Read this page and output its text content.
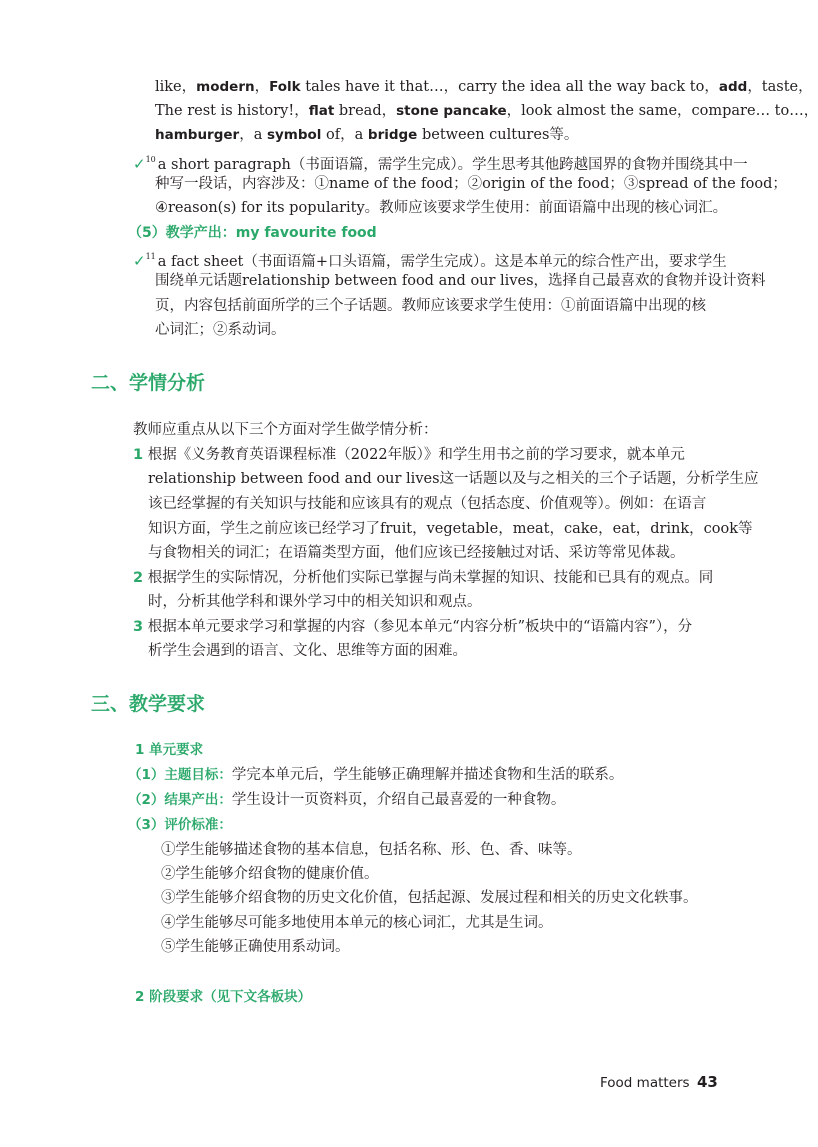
like，modern，Folk tales have it that…，carry the idea all the way back to，add，taste，
The rest is history!，flat bread，stone pancake，look almost the same，compare… to…，
hamburger，a symbol of，a bridge between cultures等。
✓$^{10}$ a short paragraph（书面语篇，需学生完成）。学生思考其他跨越国界的食物并围绕其中一
种写一段话，内容涉及：①name of the food；②origin of the food；③spread of the food；
④reason(s) for its popularity。教师应该要求学生使用：前面语篇中出现的核心词汇。
（5）教学产出：my favourite food
✓$^{11}$ a fact sheet（书面语篇+口头语篇，需学生完成）。这是本单元的综合性产出，要求学生
围绕单元话题relationship between food and our lives，选择自己最喜欢的食物并设计资料
页，内容包括前面所学的三个子话题。教师应该要求学生使用：①前面语篇中出现的核
心词汇；②系动词。
二、学情分析
教师应重点从以下三个方面对学生做学情分析：
1 根据《义务教育英语课程标准（2022年版）》和学生用书之前的学习要求，就本单元
relationship between food and our lives这一话题以及与之相关的三个子话题，分析学生应
该已经掌握的有关知识与技能和应该具有的观点（包括态度、价值观等）。例如：在语言
知识方面，学生之前应该已经学习了fruit，vegetable，meat，cake，eat，drink，cook等
与食物相关的词汇；在语篇类型方面，他们应该已经接触过对话、采访等常见体裁。
2 根据学生的实际情况，分析他们实际已掌握与尚未掌握的知识、技能和已具有的观点。同
时，分析其他学科和课外学习中的相关知识和观点。
3 根据本单元要求学习和掌握的内容（参见本单元“内容分析”板块中的“语篇内容”），分
析学生会遇到的语言、文化、思维等方面的困难。
三、教学要求
1 单元要求
（1）主题目标：学完本单元后，学生能够正确理解并描述食物和生活的联系。
（2）结果产出：学生设计一页资料页，介绍自己最喜爱的一种食物。
（3）评价标准：
①学生能够描述食物的基本信息，包括名称、形、色、香、味等。
②学生能够介绍食物的健康价值。
③学生能够介绍食物的历史文化价值，包括起源、发展过程和相关的历史文化轶事。
④学生能够尽可能多地使用本单元的核心词汇，尤其是生词。
⑤学生能够正确使用系动词。
2 阶段要求（见下文各板块）
Food matters 43
